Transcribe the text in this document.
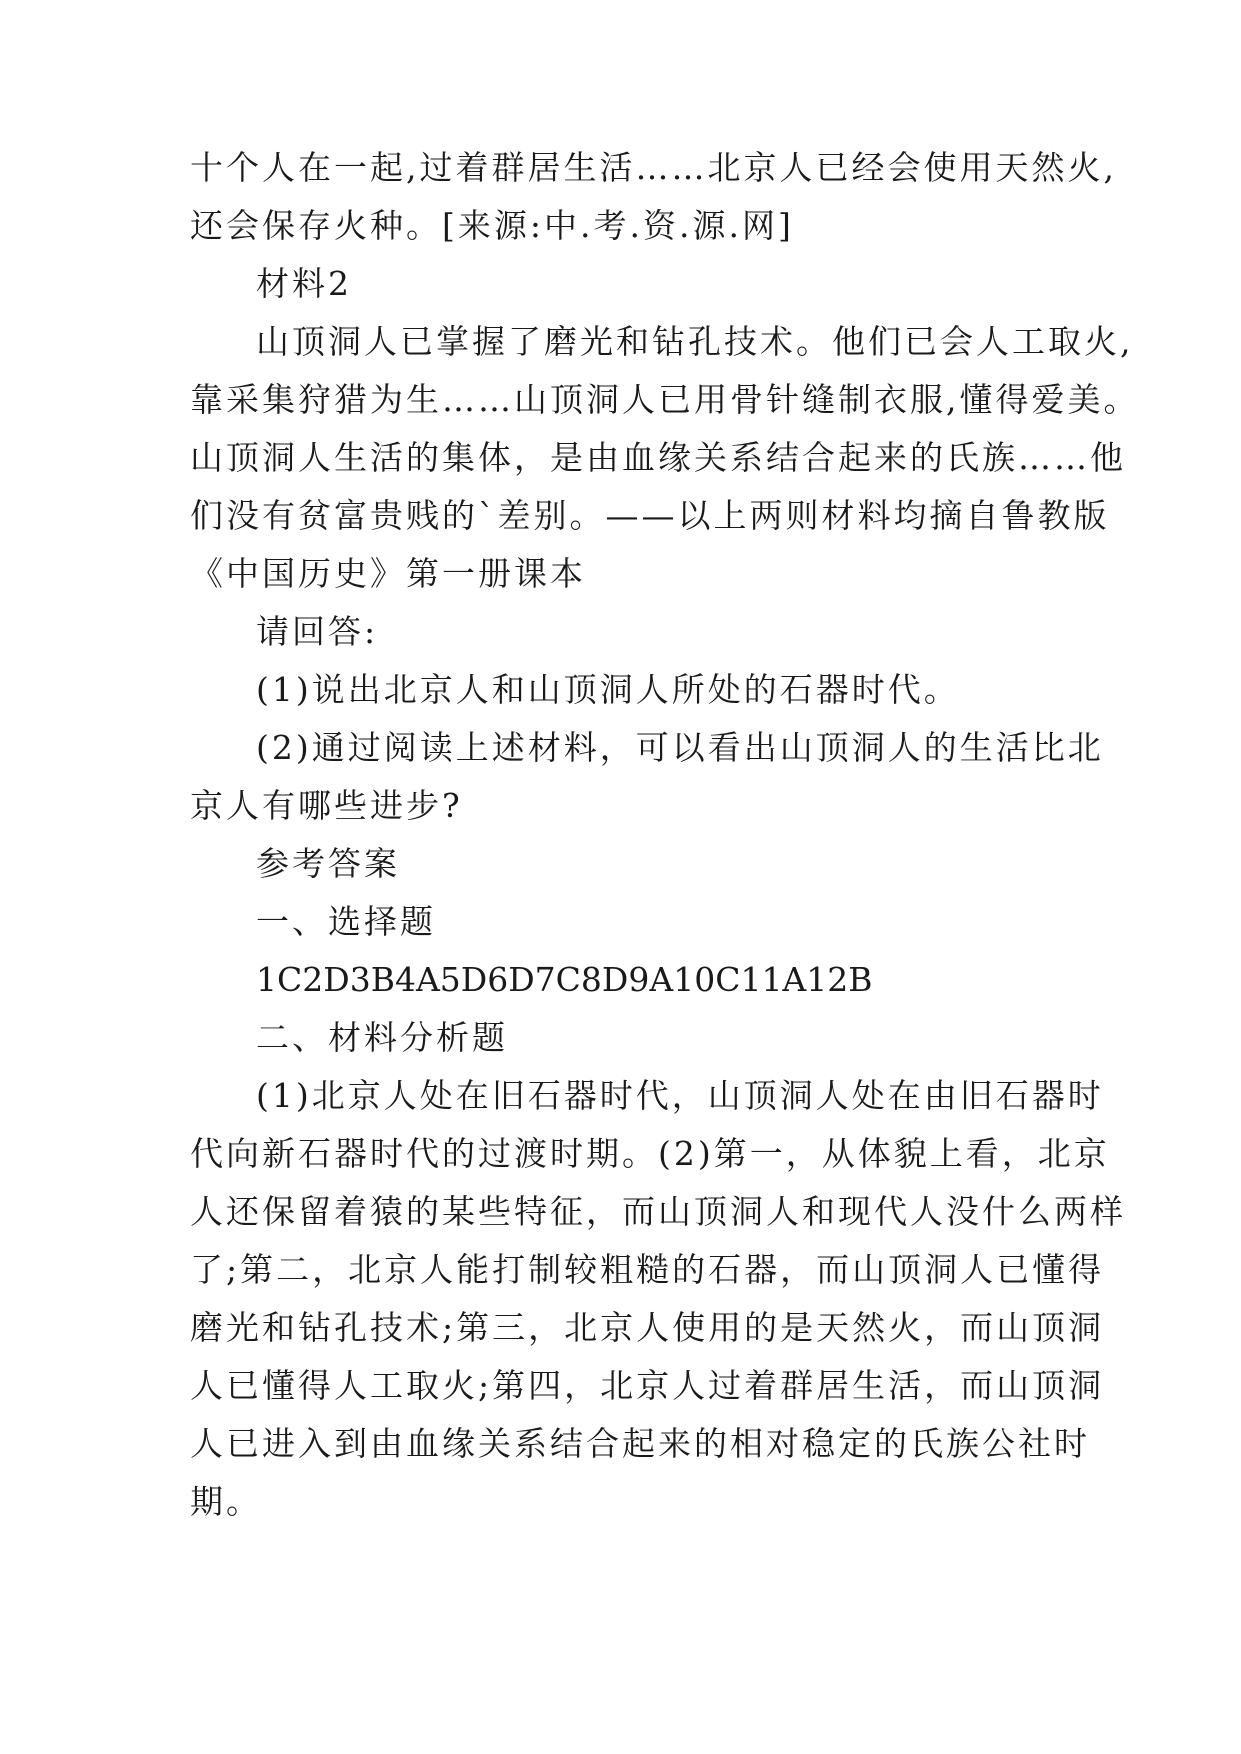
十个人在一起,过着群居生活……北京人已经会使用天然火,

还会保存火种。[来源:中.考.资.源.网]

材料2

山顶洞人已掌握了磨光和钻孔技术。他们已会人工取火,

靠采集狩猎为生……山顶洞人已用骨针缝制衣服,懂得爱美。

山顶洞人生活的集体，是由血缘关系结合起来的氏族……他

们没有贫富贵贱的`差别。——以上两则材料均摘自鲁教版

《中国历史》第一册课本

请回答:

(1)说出北京人和山顶洞人所处的石器时代。

(2)通过阅读上述材料，可以看出山顶洞人的生活比北

京人有哪些进步?

参考答案

一、选择题

1C2D3B4A5D6D7C8D9A10C11A12B

二、材料分析题

(1)北京人处在旧石器时代，山顶洞人处在由旧石器时

代向新石器时代的过渡时期。(2)第一，从体貌上看，北京

人还保留着猿的某些特征，而山顶洞人和现代人没什么两样

了;第二，北京人能打制较粗糙的石器，而山顶洞人已懂得

磨光和钻孔技术;第三，北京人使用的是天然火，而山顶洞

人已懂得人工取火;第四，北京人过着群居生活，而山顶洞

人已进入到由血缘关系结合起来的相对稳定的氏族公社时

期。
